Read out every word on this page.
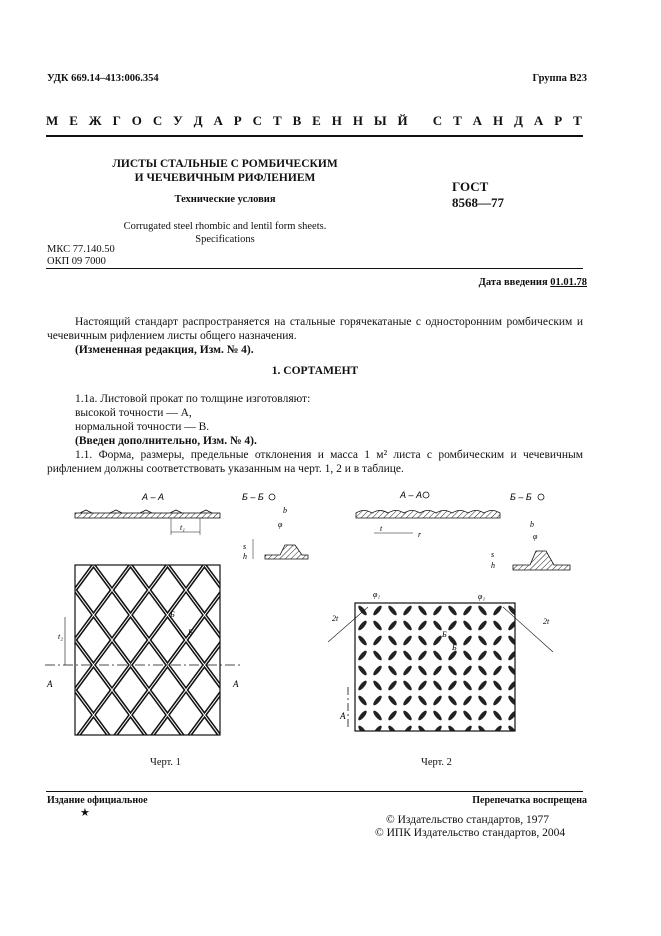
УДК 669.14–413:006.354	Группа В23
М Е Ж Г О С У Д А Р С Т В Е Н Н Ы Й
С Т А Н Д А Р Т
ЛИСТЫ СТАЛЬНЫЕ С РОМБИЧЕСКИМ
И ЧЕЧЕВИЧНЫМ РИФЛЕНИЕМ
Технические условия
Corrugated steel rhombic and lentil form sheets.
Specifications
ГОСТ
8568—77
МКС 77.140.50
ОКП 09 7000
Дата введения 01.01.78
Настоящий стандарт распространяется на стальные горячекатаные с односторонним ромбическим и чечевичным рифлением листы общего назначения.
(Измененная редакция, Изм. № 4).
1. СОРТАМЕНТ
1.1а. Листовой прокат по толщине изготовляют:
высокой точности — А,
нормальной точности — В.
(Введен дополнительно, Изм. № 4).
1.1. Форма, размеры, предельные отклонения и масса 1 м² листа с ромбическим и чечевичным рифлением должны соответствовать указанным на черт. 1, 2 и в таблице.
А – А
t₁
Б – Б
b
φ
s
h
А	А
t₂
Б
Б
Черт. 1
А – А
t
r
Б – Б
b
φ
s
h
2t	2t
φ₁	φ₁
Б
Б
А
Черт. 2
Издание официальное
★
Перепечатка воспрещена
© Издательство стандартов, 1977
© ИПК Издательство стандартов, 2004
